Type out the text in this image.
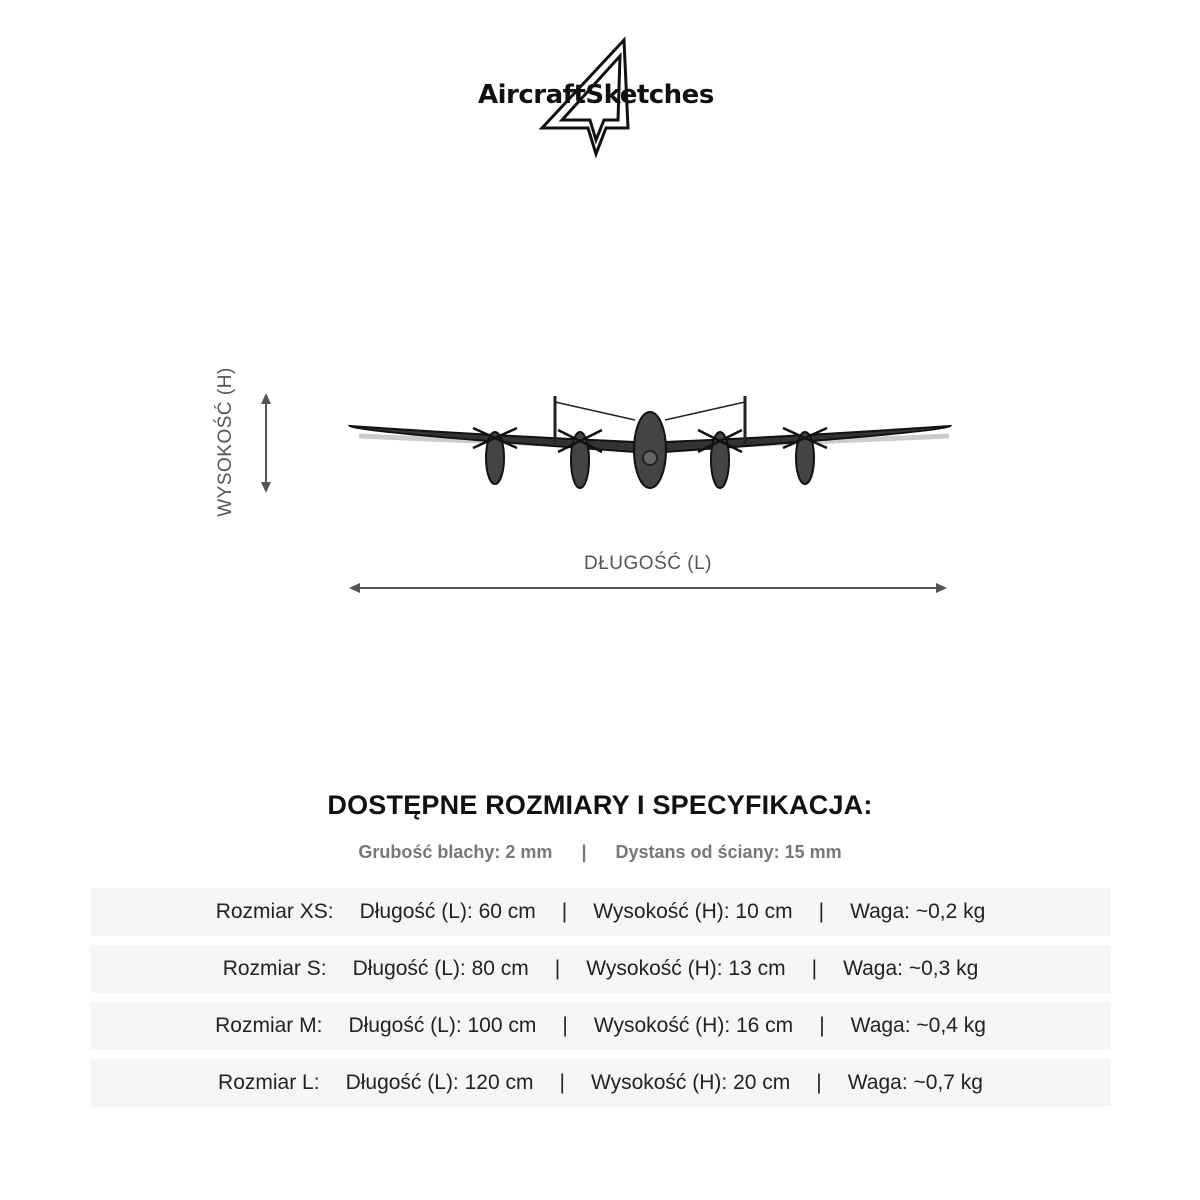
AircraftSketches
WYSOKOŚĆ (H)
DŁUGOŚĆ (L)
DOSTĘPNE ROZMIARY I SPECYFIKACJA:
Grubość blachy: 2 mm | Dystans od ściany: 15 mm
Rozmiar XS: Długość (L): 60 cm | Wysokość (H): 10 cm | Waga: ~0,2 kg
Rozmiar S: Długość (L): 80 cm | Wysokość (H): 13 cm | Waga: ~0,3 kg
Rozmiar M: Długość (L): 100 cm | Wysokość (H): 16 cm | Waga: ~0,4 kg
Rozmiar L: Długość (L): 120 cm | Wysokość (H): 20 cm | Waga: ~0,7 kg
